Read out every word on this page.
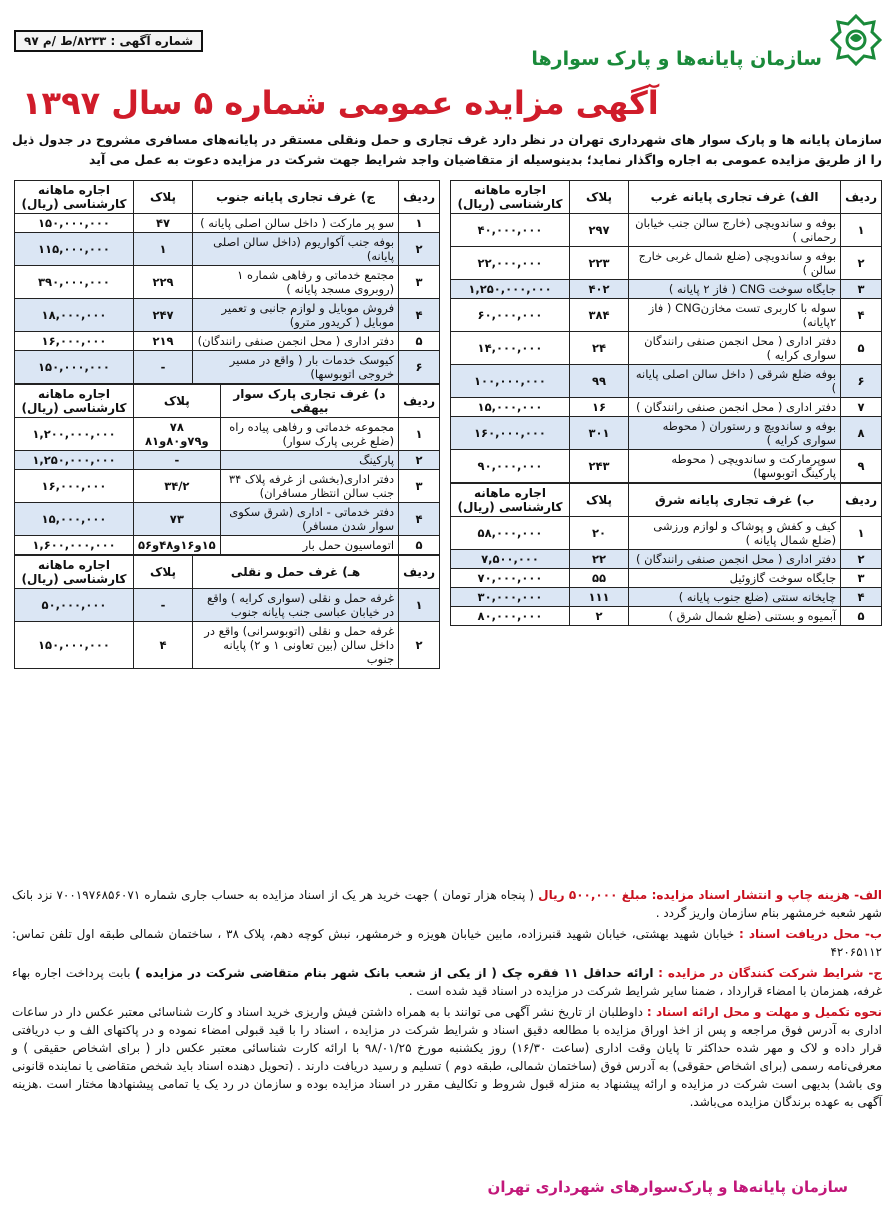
سازمان پایانه‌ها و پارک سوارها
شماره آگهی : ۸۲۳۳/ط /م ۹۷
آگهی مزایده عمومی شماره ۵ سال ۱۳۹۷
سازمان پایانه ها و پارک سوار های شهرداری تهران در نظر دارد غرف تجاری و حمل ونقلی مستقر در پایانه‌های مسافری مشروح در جدول ذیل را از طریق مزایده عمومی به اجاره واگذار نماید؛ بدینوسیله از متقاضیان واجد شرایط جهت شرکت در مزایده دعوت به عمل می آید
ردیف	الف) غرف تجاری پایانه غرب	پلاک	اجاره ماهانه کارشناسی (ریال)
۱	بوفه و ساندویچی (خارج سالن جنب خیابان رحمانی )	۲۹۷	۴۰,۰۰۰,۰۰۰
۲	بوفه و ساندویچی (ضلع شمال غربی خارج سالن )	۲۲۳	۲۲,۰۰۰,۰۰۰
۳	جایگاه سوخت CNG ( فاز ۲ پایانه )	۴۰۲	۱,۲۵۰,۰۰۰,۰۰۰
۴	سوله با کاربری تست مخازنCNG ( فاز ۲پایانه)	۳۸۴	۶۰,۰۰۰,۰۰۰
۵	دفتر اداری ( محل انجمن صنفی رانندگان سواری کرایه )	۲۴	۱۴,۰۰۰,۰۰۰
۶	بوفه ضلع شرقی ( داخل سالن اصلی پایانه )	۹۹	۱۰۰,۰۰۰,۰۰۰
۷	دفتر اداری ( محل انجمن صنفی رانندگان )	۱۶	۱۵,۰۰۰,۰۰۰
۸	بوفه و ساندویچ و رستوران ( محوطه سواری کرایه )	۳۰۱	۱۶۰,۰۰۰,۰۰۰
۹	سوپرمارکت و ساندویچی ( محوطه پارکینگ اتوبوسها)	۲۴۳	۹۰,۰۰۰,۰۰۰
ردیف	ب) غرف تجاری پایانه شرق	پلاک	اجاره ماهانه کارشناسی (ریال)
۱	کیف و کفش و پوشاک و لوازم ورزشی (ضلع شمال پایانه )	۲۰	۵۸,۰۰۰,۰۰۰
۲	دفتر اداری ( محل انجمن صنفی رانندگان )	۲۲	۷,۵۰۰,۰۰۰
۳	جایگاه سوخت گازوئیل	۵۵	۷۰,۰۰۰,۰۰۰
۴	چایخانه سنتی (ضلع جنوب پایانه )	۱۱۱	۳۰,۰۰۰,۰۰۰
۵	آبمیوه و بستنی (ضلع شمال شرق )	۲	۸۰,۰۰۰,۰۰۰
ردیف	ج) غرف تجاری پایانه جنوب	پلاک	اجاره ماهانه کارشناسی (ریال)
۱	سو پر مارکت ( داخل سالن اصلی پایانه )	۴۷	۱۵۰,۰۰۰,۰۰۰
۲	بوفه جنب آکواریوم (داخل سالن اصلی پایانه)	۱	۱۱۵,۰۰۰,۰۰۰
۳	مجتمع خدماتی و رفاهی شماره ۱ (روبروی مسجد پایانه )	۲۲۹	۳۹۰,۰۰۰,۰۰۰
۴	فروش موبایل و لوازم جانبی و تعمیر موبایل ( کریدور مترو)	۲۴۷	۱۸,۰۰۰,۰۰۰
۵	دفتر اداری ( محل انجمن صنفی رانندگان)	۲۱۹	۱۶,۰۰۰,۰۰۰
۶	کیوسک خدمات بار ( واقع در مسیر خروجی اتوبوسها)	-	۱۵۰,۰۰۰,۰۰۰
ردیف	د) غرف تجاری پارک سوار بیهقی	پلاک	اجاره ماهانه کارشناسی (ریال)
۱	مجموعه خدماتی و رفاهی پیاده راه (ضلع غربی پارک سوار)	۷۸ و۷۹و۸۰و۸۱	۱,۲۰۰,۰۰۰,۰۰۰
۲	پارکینگ	-	۱,۲۵۰,۰۰۰,۰۰۰
۳	دفتر اداری(بخشی از غرفه پلاک ۳۴ جنب سالن انتظار مسافران)	۳۴/۲	۱۶,۰۰۰,۰۰۰
۴	دفتر خدماتی - اداری (شرق سکوی سوار شدن مسافر)	۷۳	۱۵,۰۰۰,۰۰۰
۵	اتوماسیون حمل بار	۱۵و۱۶و۴۸و۵۶	۱,۶۰۰,۰۰۰,۰۰۰
ردیف	هـ) غرف حمل و نقلی	پلاک	اجاره ماهانه کارشناسی (ریال)
۱	غرفه حمل و نقلی (سواری کرایه ) واقع در خیابان عباسی جنب پایانه جنوب	-	۵۰,۰۰۰,۰۰۰
۲	غرفه حمل و نقلی (اتوبوسرانی) واقع در داخل سالن (بین تعاونی ۱ و ۲) پایانه جنوب	۴	۱۵۰,۰۰۰,۰۰۰

الف- هزینه چاپ و انتشار اسناد مزایده: مبلغ ۵۰۰,۰۰۰ ریال ( پنجاه هزار تومان ) جهت خرید هر یک از اسناد مزایده به حساب جاری شماره ۷۰۰۱۹۷۶۸۵۶۰۷۱ نزد بانک شهر شعبه خرمشهر بنام سازمان واریز گردد .

ب- محل دریافت اسناد : خیابان شهید بهشتی، خیابان شهید قنبرزاده، مابین خیابان هویزه و خرمشهر، نبش کوچه دهم، پلاک ۳۸ ، ساختمان شمالی طبقه اول تلفن تماس: ۴۲۰۶۵۱۱۲

ج- شرایط شرکت کنندگان در مزایده : ارائه حداقل ۱۱ فقره چک ( از یکی از شعب بانک شهر بنام متقاضی شرکت در مزایده ) بابت پرداخت اجاره بهاء غرفه، همزمان با امضاء قرارداد ، ضمنا سایر شرایط شرکت در مزایده در اسناد قید شده است .

نحوه تکمیل و مهلت و محل ارائه اسناد : داوطلبان از تاریخ نشر آگهی می توانند با به همراه داشتن فیش واریزی خرید اسناد و کارت شناسائی معتبر عکس دار در ساعات اداری به آدرس فوق مراجعه و پس از اخذ اوراق مزایده با مطالعه دقیق اسناد و شرایط شرکت در مزایده ، اسناد را با قید قبولی امضاء نموده و در پاکتهای الف و ب دریافتی قرار داده و لاک و مهر شده حداکثر تا پایان وقت اداری (ساعت ۱۶/۳۰) روز یکشنبه مورخ ۹۸/۰۱/۲۵ با ارائه کارت شناسائی معتبر عکس دار ( برای اشخاص حقیقی ) و معرفی‌نامه رسمی (برای اشخاص حقوقی) به آدرس فوق (ساختمان شمالی، طبقه دوم ) تسلیم و رسید دریافت دارند . (تحویل دهنده اسناد باید شخص متقاضی یا نماینده قانونی وی باشد) بدیهی است شرکت در مزایده و ارائه پیشنهاد به منزله قبول شروط و تکالیف مقرر در اسناد مزایده بوده و سازمان در رد یک یا تمامی پیشنهادها مختار است .هزینه آگهی به عهده برندگان مزایده می‌باشد.

سازمان پایانه‌ها و پارک‌سوارهای شهرداری تهران
